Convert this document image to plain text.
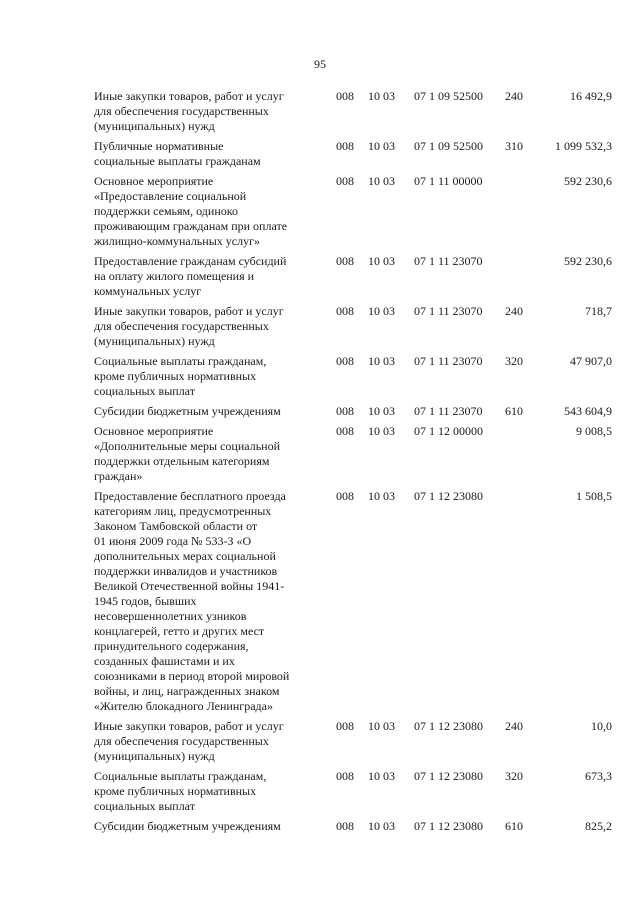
95
Иные закупки товаров, работ и услуг
для обеспечения государственных
(муниципальных) нужд
008 10 03 07 1 09 52500 240	16 492,9
Публичные нормативные
социальные выплаты гражданам
008 10 03 07 1 09 52500 310	1 099 532,3
Основное мероприятие
«Предоставление социальной
поддержки семьям, одиноко
проживающим гражданам при оплате
жилищно-коммунальных услуг»
008 10 03 07 1 11 00000	592 230,6
Предоставление гражданам субсидий
на оплату жилого помещения и
коммунальных услуг
008 10 03 07 1 11 23070	592 230,6
Иные закупки товаров, работ и услуг
для обеспечения государственных
(муниципальных) нужд
008 10 03 07 1 11 23070 240	718,7
Социальные выплаты гражданам,
кроме публичных нормативных
социальных выплат
008 10 03 07 1 11 23070 320	47 907,0
Субсидии бюджетным учреждениям	008 10 03 07 1 11 23070 610	543 604,9
Основное мероприятие
«Дополнительные меры социальной
поддержки отдельным категориям
граждан»
008 10 03 07 1 12 00000	9 008,5
Предоставление бесплатного проезда
категориям лиц, предусмотренных
Законом Тамбовской области от
01 июня 2009 года № 533-З «О
дополнительных мерах социальной
поддержки инвалидов и участников
Великой Отечественной войны 1941-
1945 годов, бывших
несовершеннолетних узников
концлагерей, гетто и других мест
принудительного содержания,
созданных фашистами и их
союзниками в период второй мировой
войны, и лиц, награжденных знаком
«Жителю блокадного Ленинграда»
008 10 03 07 1 12 23080	1 508,5
Иные закупки товаров, работ и услуг
для обеспечения государственных
(муниципальных) нужд
008 10 03 07 1 12 23080 240	10,0
Социальные выплаты гражданам,
кроме публичных нормативных
социальных выплат
008 10 03 07 1 12 23080 320	673,3
Субсидии бюджетным учреждениям	008 10 03 07 1 12 23080 610	825,2
